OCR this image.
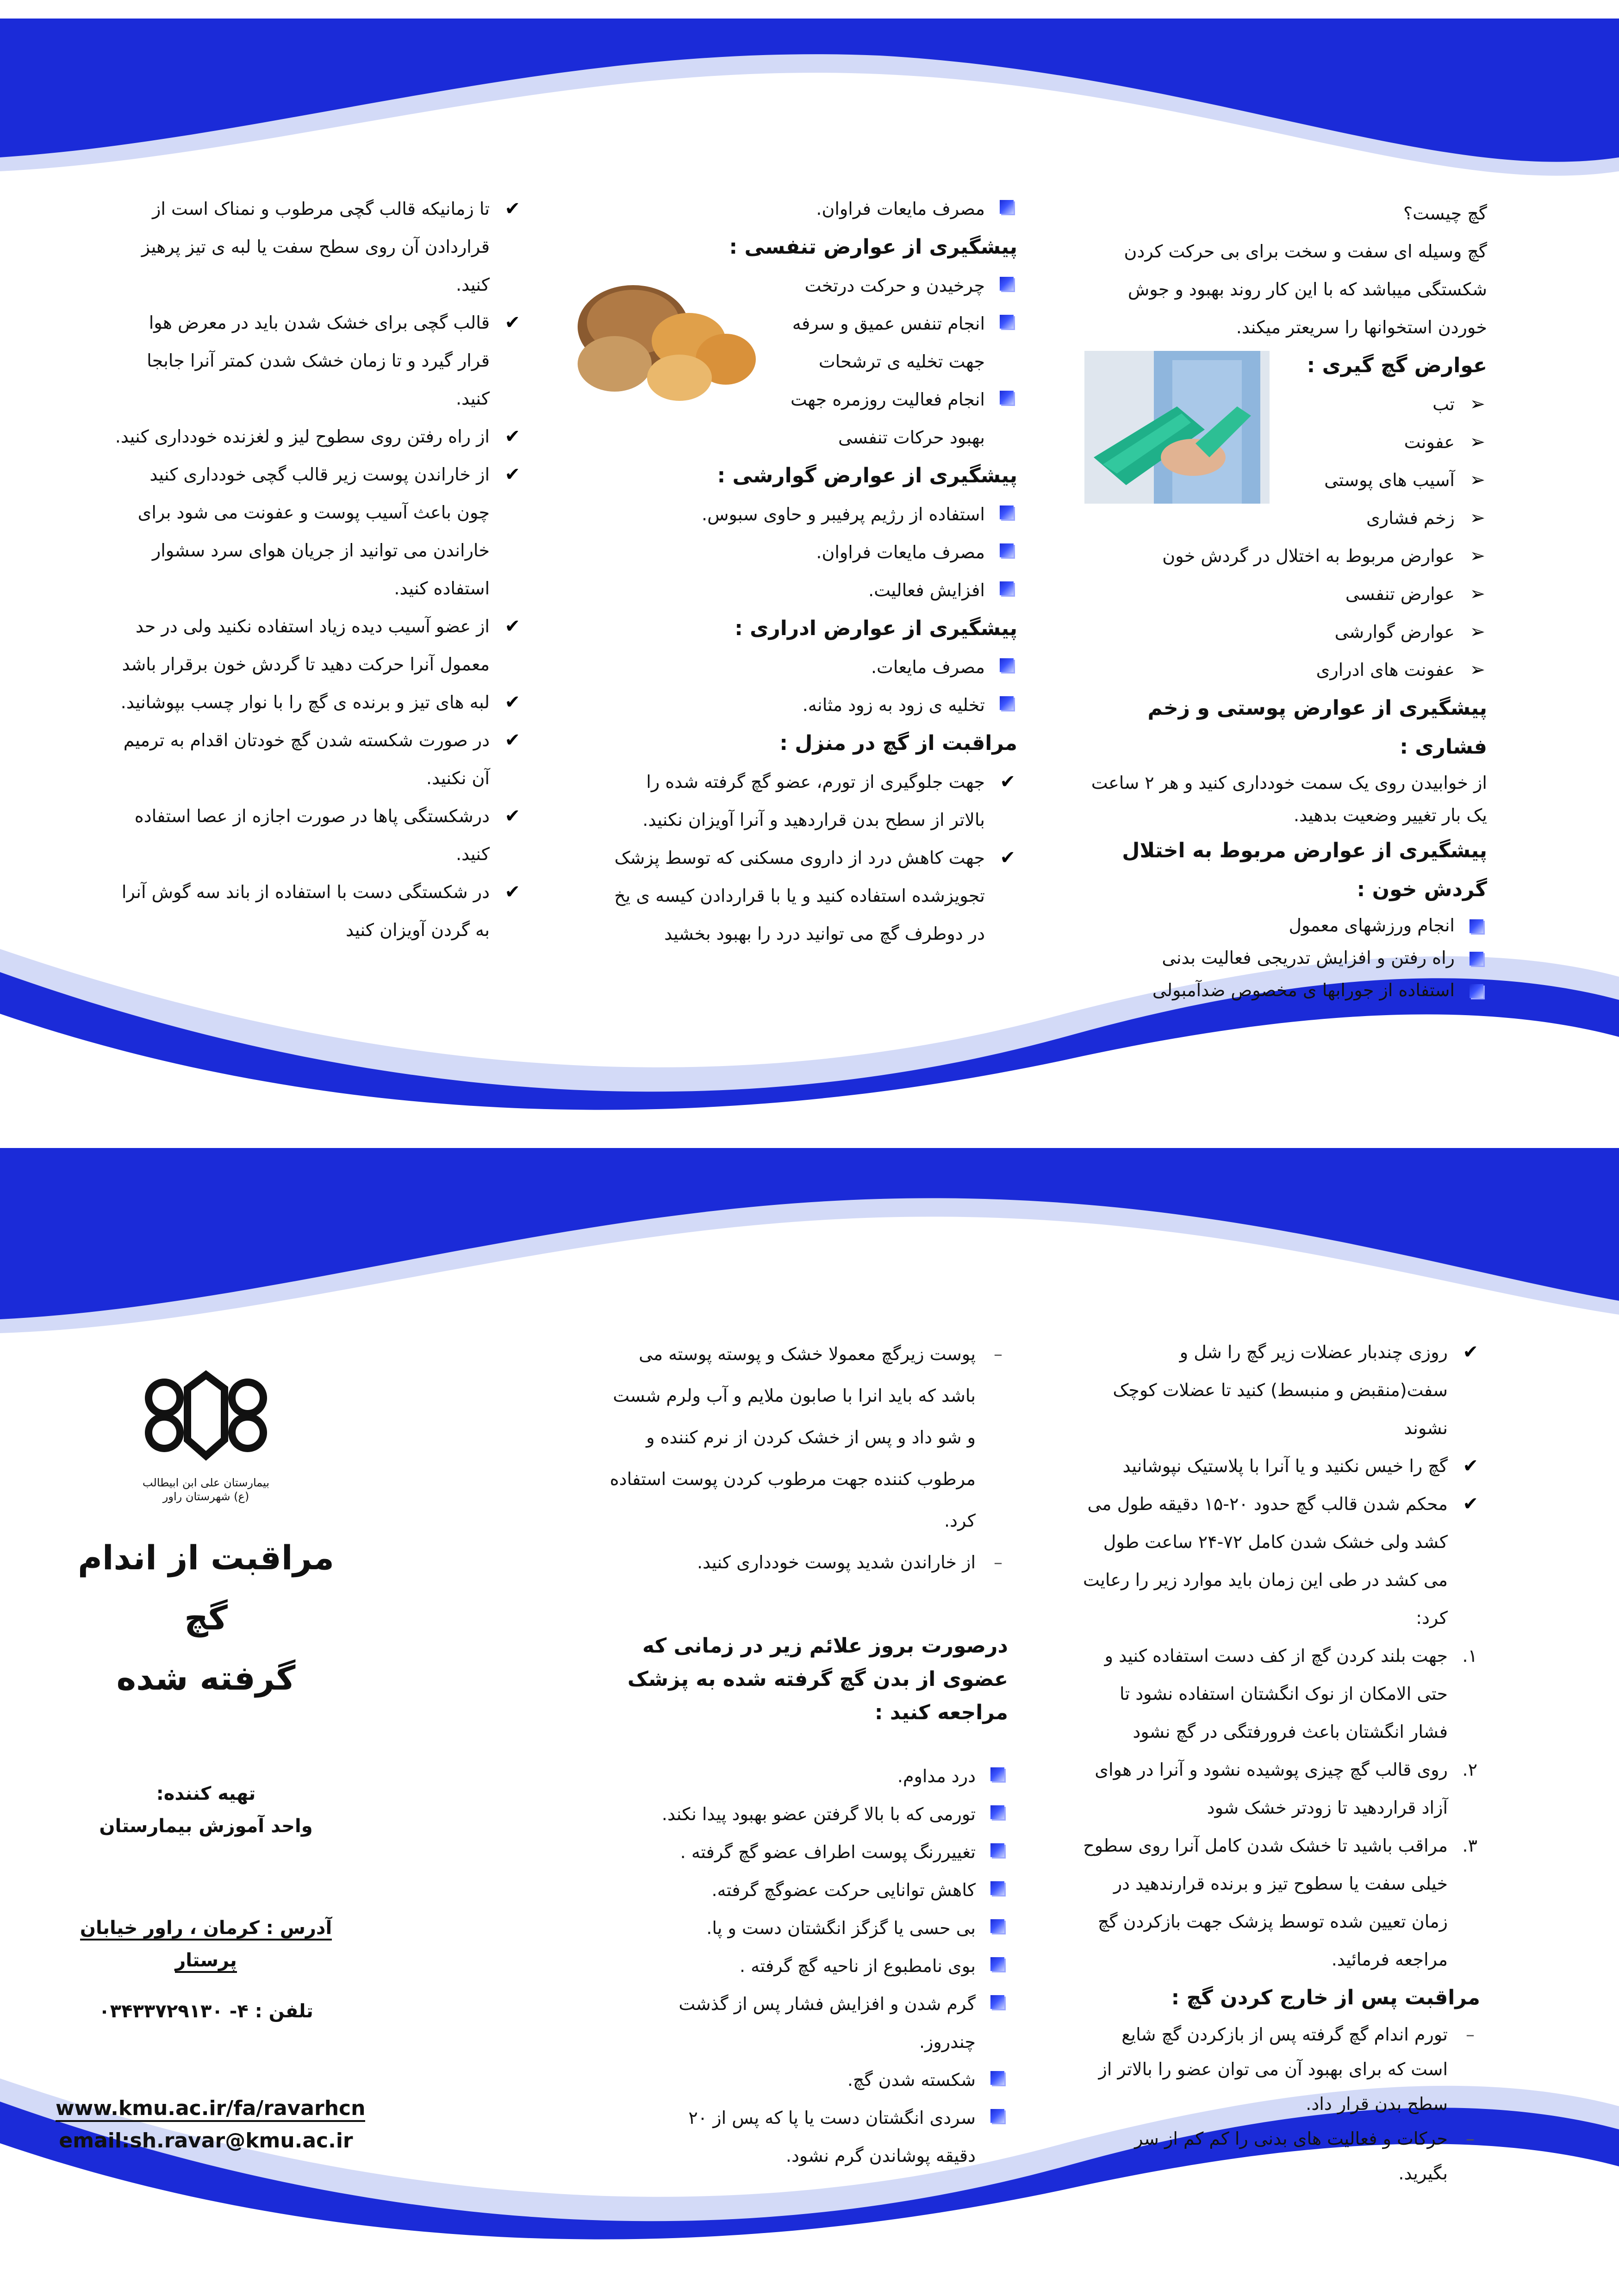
گچ چیست؟

گچ وسیله ای سفت و سخت برای بی حرکت کردن شکستگی میباشد که با این کار روند بهبود و جوش خوردن استخوانها را سریعتر میکند.

عوارض گچ گیری :

➢
تب
➢
عفونت
➢
آسیب های پوستی
➢
زخم فشاری
➢
عوارض مربوط به اختلال در گردش خون
➢
عوارض تنفسی
➢
عوارض گوارشی
➢
عفونت های ادراری

پیشگیری از عوارض پوستی و زخم فشاری :

از خوابیدن روی یک سمت خودداری کنید و هر ۲ ساعت یک بار تغییر وضعیت بدهید.

پیشگیری از عوارض مربوط به اختلال گردش خون :

انجام ورزشهای معمول
راه رفتن و افزایش تدریجی فعالیت بدنی
استفاده از جورابها ی مخصوص ضدآمبولی
مصرف مایعات فراوان.

پیشگیری از عوارض تنفسی :

چرخیدن و حرکت درتخت
انجام تنفس عمیق و سرفه جهت تخلیه ی ترشحات
انجام فعالیت روزمره جهت بهبود حرکات تنفسی

پیشگیری از عوارض گوارشی :

استفاده از رژیم پرفیبر و حاوی سبوس.
مصرف مایعات فراوان.
افزایش فعالیت.

پیشگیری از عوارض ادراری :

مصرف مایعات.
تخلیه ی زود به زود مثانه.

مراقبت از گچ در منزل :

✔
جهت جلوگیری از تورم، عضو گچ گرفته شده را بالاتر از سطح بدن قراردهید و آنرا آویزان نکنید.
✔
جهت کاهش درد از داروی مسکنی که توسط پزشک تجویزشده استفاده کنید و یا با قراردادن کیسه ی یخ در دوطرف گچ می توانید درد را بهبود بخشید
✔
تا زمانیکه قالب گچی مرطوب و نمناک است از قراردادن آن روی سطح سفت یا لبه ی تیز پرهیز کنید.
✔
قالب گچی برای خشک شدن باید در معرض هوا قرار گیرد و تا زمان خشک شدن کمتر آنرا جابجا کنید.
✔
از راه رفتن روی سطوح لیز و لغزنده خودداری کنید.
✔
از خاراندن پوست زیر قالب گچی خودداری کنید چون باعث آسیب پوست و عفونت می شود برای خاراندن می توانید از جریان هوای سرد سشوار استفاده کنید.
✔
از عضو آسیب دیده زیاد استفاده نکنید ولی در حد معمول آنرا حرکت دهید تا گردش خون برقرار باشد
✔
لبه های تیز و برنده ی گچ را با نوار چسب بپوشانید.
✔
در صورت شکسته شدن گچ خودتان اقدام به ترمیم آن نکنید.
✔
درشکستگی پاها در صورت اجازه از عصا استفاده کنید.
✔
در شکستگی دست با استفاده از باند سه گوش آنرا به گردن آویزان کنید
✔
روزی چندبار عضلات زیر گچ را شل و سفت(منقبض و منبسط) کنید تا عضلات کوچک نشوند
✔
گچ را خیس نکنید و یا آنرا با پلاستیک نپوشانید
✔
محکم شدن قالب گچ حدود ۲۰-۱۵ دقیقه طول می کشد ولی خشک شدن کامل ۷۲-۲۴ ساعت طول می کشد در طی این زمان باید موارد زیر را رعایت کرد:
۱.
جهت بلند کردن گچ از کف دست استفاده کنید و حتی الامکان از نوک انگشتان استفاده نشود تا فشار انگشتان باعث فرورفتگی در گچ نشود
۲.
روی قالب گچ چیزی پوشیده نشود و آنرا در هوای آزاد قراردهید تا زودتر خشک شود
۳.
مراقب باشید تا خشک شدن کامل آنرا روی سطوح خیلی سفت یا سطوح تیز و برنده قرارندهید در زمان تعیین شده توسط پزشک جهت بازکردن گچ مراجعه فرمائید.

مراقبت پس از خارج کردن گچ :

–
تورم اندام گچ گرفته پس از بازکردن گچ شایع است که برای بهبود آن می توان عضو را بالاتر از سطح بدن قرار داد.
–
حرکات و فعالیت های بدنی را کم کم از سر بگیرید.
–
پوست زیرگچ معمولا خشک و پوسته پوسته می باشد که باید انرا با صابون ملایم و آب ولرم شست و شو داد و پس از خشک کردن از نرم کننده و مرطوب کننده جهت مرطوب کردن پوست استفاده کرد.
–
از خاراندن شدید پوست خودداری کنید.

درصورت بروز علائم زیر در زمانی که عضوی از بدن گچ گرفته شده به پزشک مراجعه کنید :

درد مداوم.
تورمی که با بالا گرفتن عضو بهبود پیدا نکند.
تغییررنگ پوست اطراف عضو گچ گرفته .
کاهش توانایی حرکت عضوگچ گرفته.
بی حسی یا گزگز انگشتان دست و پا.
بوی نامطبوع از ناحیه گچ گرفته .
گرم شدن و افزایش فشار پس از گذشت چندروز.
شکسته شدن گچ.
سردی انگشتان دست یا پا که پس از ۲۰ دقیقه پوشاندن گرم نشود.
بیمارستان علی ابن ابیطالب (ع) شهرستان راور

مراقبت از اندام گچ

گرفته شده

تهیه کننده:

واحد آموزش بیمارستان

آدرس : کرمان ، راور خیابان پرستار

تلفن : ۴- ۰۳۴۳۳۷۲۹۱۳۰

www.kmu.ac.ir/fa/ravarhcn

email:sh.ravar@kmu.ac.ir
